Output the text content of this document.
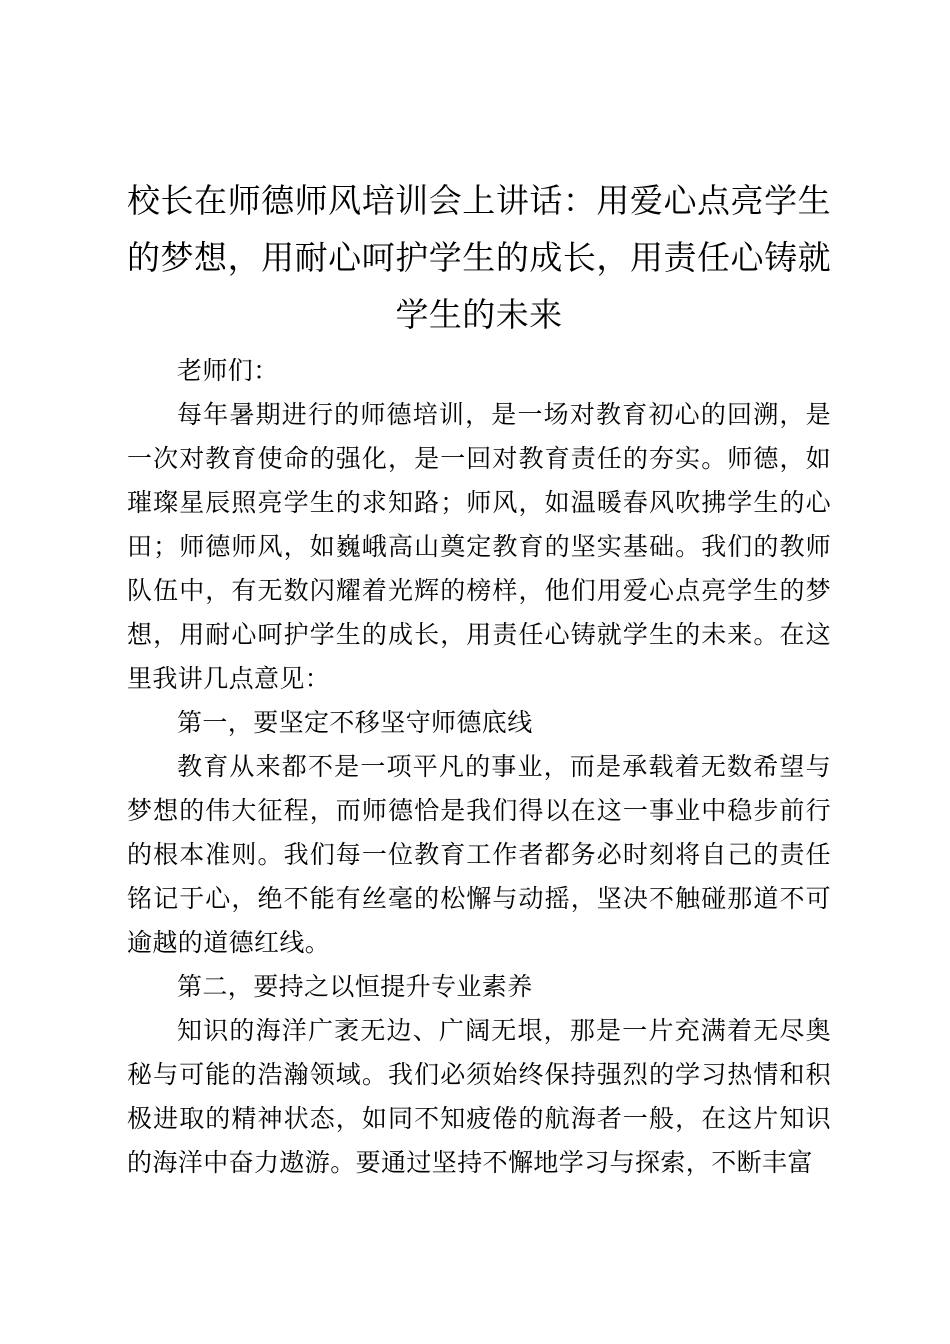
校长在师德师风培训会上讲话：用爱心点亮学生的梦想，用耐心呵护学生的成长，用责任心铸就学生的未来

老师们：

每年暑期进行的师德培训，是一场对教育初心的回溯，是一次对教育使命的强化，是一回对教育责任的夯实。师德，如璀璨星辰照亮学生的求知路；师风，如温暖春风吹拂学生的心田；师德师风，如巍峨高山奠定教育的坚实基础。我们的教师队伍中，有无数闪耀着光辉的榜样，他们用爱心点亮学生的梦想，用耐心呵护学生的成长，用责任心铸就学生的未来。在这里我讲几点意见：

第一，要坚定不移坚守师德底线

教育从来都不是一项平凡的事业，而是承载着无数希望与梦想的伟大征程，而师德恰是我们得以在这一事业中稳步前行的根本准则。我们每一位教育工作者都务必时刻将自己的责任铭记于心，绝不能有丝毫的松懈与动摇，坚决不触碰那道不可逾越的道德红线。

第二，要持之以恒提升专业素养

知识的海洋广袤无边、广阔无垠，那是一片充满着无尽奥秘与可能的浩瀚领域。我们必须始终保持强烈的学习热情和积极进取的精神状态，如同不知疲倦的航海者一般，在这片知识的海洋中奋力遨游。要通过坚持不懈地学习与探索，不断丰富
